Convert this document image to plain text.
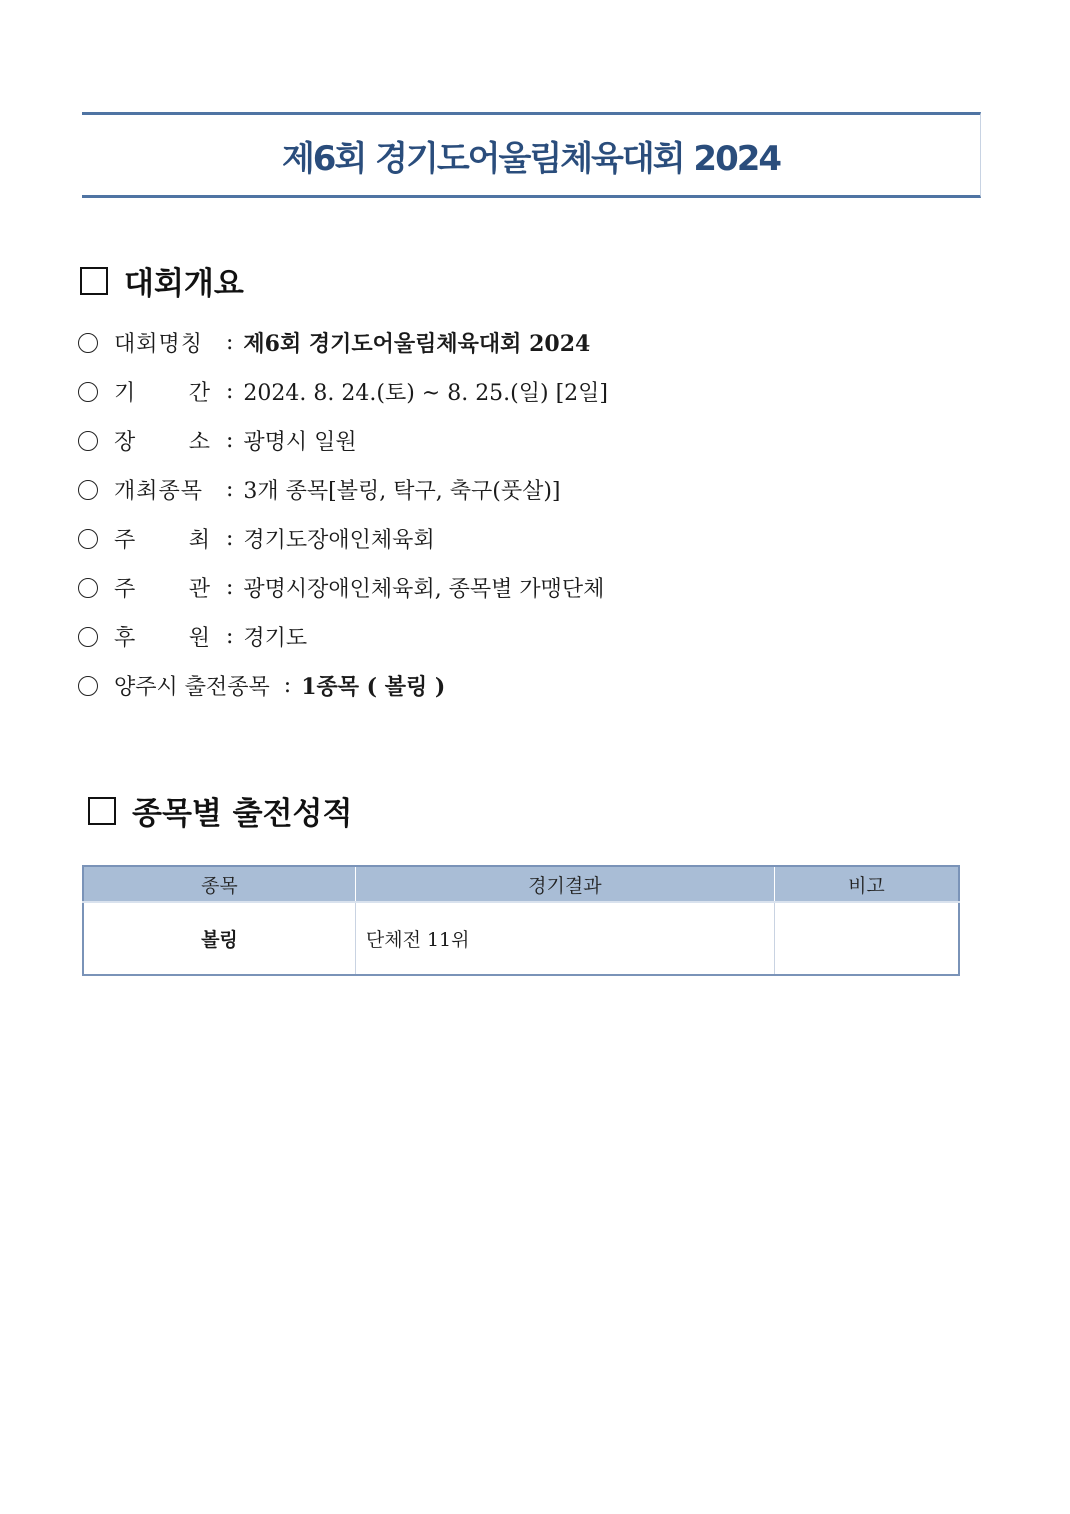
제6회 경기도어울림체육대회 2024
대회개요
대회명칭	: 제6회 경기도어울림체육대회 2024
기 간 : 2024. 8. 24.(토) ~ 8. 25.(일) [2일]
장 소 : 광명시 일원
개최종목	: 3개 종목[볼링, 탁구, 축구(풋살)]
주 최 : 경기도장애인체육회
주 관 : 광명시장애인체육회, 종목별 가맹단체
후 원 : 경기도
양주시 출전종목 : 1종목 ( 볼링 )
종목별 출전성적
종목	경기결과	비고
볼링	단체전 11위	
